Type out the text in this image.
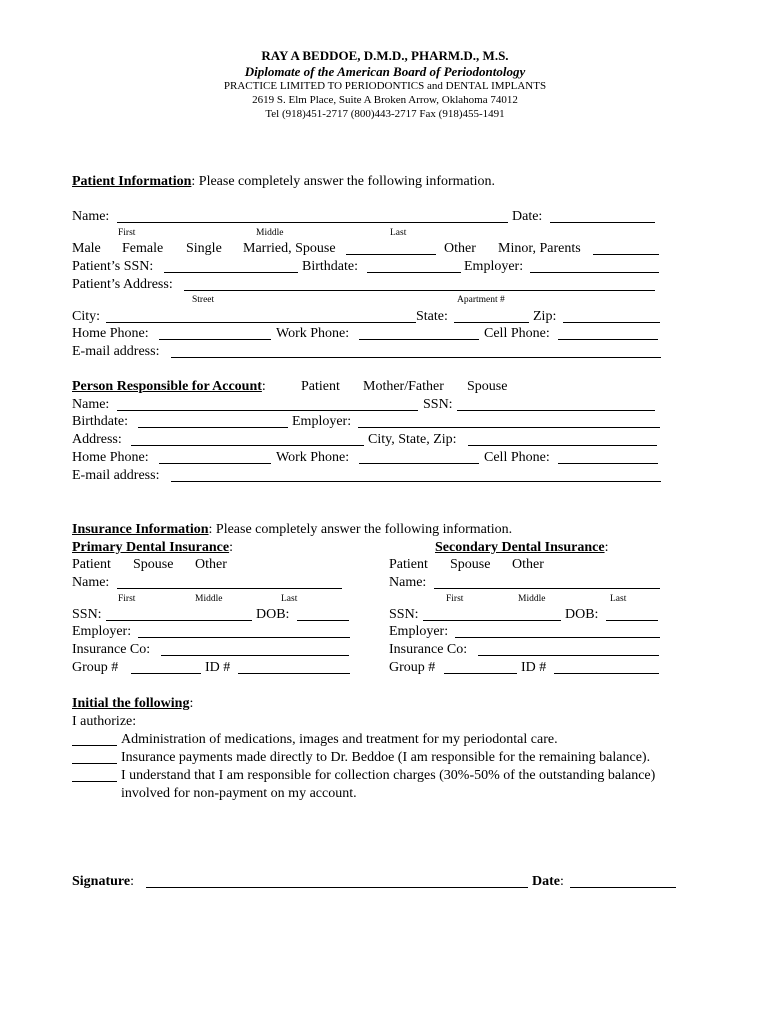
RAY A BEDDOE, D.M.D., PHARM.D., M.S.
Diplomate of the American Board of Periodontology
PRACTICE LIMITED TO PERIODONTICS and DENTAL IMPLANTS
2619 S. Elm Place, Suite A Broken Arrow, Oklahoma 74012
Tel (918)451-2717 (800)443-2717 Fax (918)455-1491
Patient Information: Please completely answer the following information.
Name:	Date:
First	Middle	Last
Male Female Single Married, Spouse	Other Minor, Parents
Patient’s SSN:	Birthdate:	Employer:
Patient’s Address:
Street	Apartment #
City:	State:	Zip:
Home Phone:	Work Phone:	Cell Phone:
E-mail address:
Person Responsible for Account:	Patient Mother/Father Spouse
Name:	SSN:
Birthdate:	Employer:
Address:	City, State, Zip:
Home Phone:	Work Phone:	Cell Phone:
E-mail address:
Insurance Information: Please completely answer the following information.
Primary Dental Insurance:	Secondary Dental Insurance:
Patient Spouse Other
Name:
First	Middle	Last
SSN:	DOB:
Employer:
Insurance Co:
Group #	ID #
Patient Spouse Other
Name:
First	Middle	Last
SSN:	DOB:
Employer:
Insurance Co:
Group #	ID #
Initial the following:
I authorize:
Administration of medications, images and treatment for my periodontal care.
Insurance payments made directly to Dr. Beddoe (I am responsible for the remaining balance).
I understand that I am responsible for collection charges (30%-50% of the outstanding balance)
involved for non-payment on my account.
Signature:	Date:
